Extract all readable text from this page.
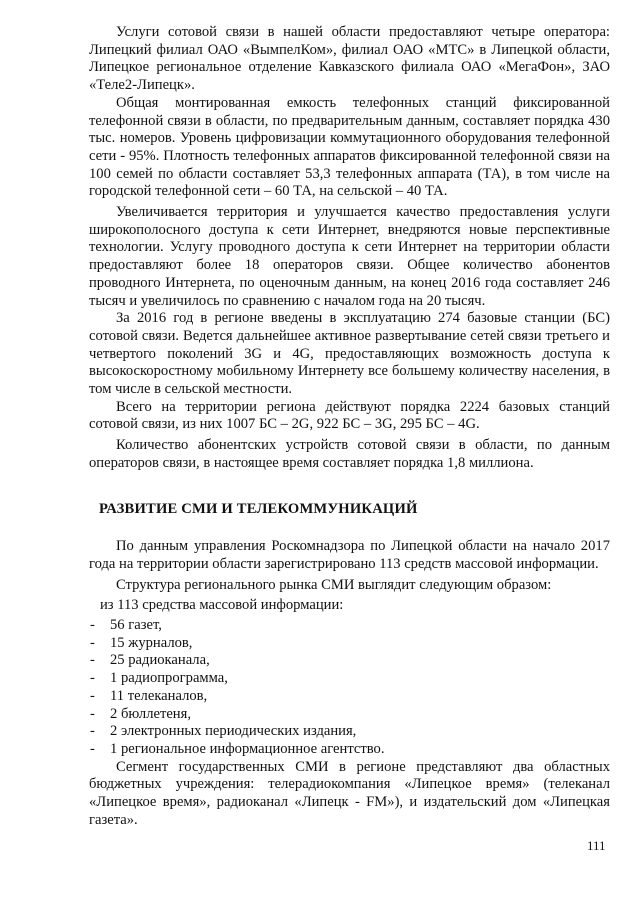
Услуги сотовой связи в нашей области предоставляют четыре оператора: Липецкий филиал ОАО «ВымпелКом», филиал ОАО «МТС» в Липецкой области, Липецкое региональное отделение Кавказского филиала ОАО «МегаФон», ЗАО «Теле2-Липецк».

Общая монтированная емкость телефонных станций фиксированной телефонной связи в области, по предварительным данным, составляет порядка 430 тыс. номеров. Уровень цифровизации коммутационного оборудования телефонной сети - 95%. Плотность телефонных аппаратов фиксированной телефонной связи на 100 семей по области составляет 53,3 телефонных аппарата (ТА), в том числе на городской телефонной сети – 60 ТА, на сельской – 40 ТА.

Увеличивается территория и улучшается качество предоставления услуги широкополосного доступа к сети Интернет, внедряются новые перспективные технологии. Услугу проводного доступа к сети Интернет на территории области предоставляют более 18 операторов связи. Общее количество абонентов проводного Интернета, по оценочным данным, на конец 2016 года составляет 246 тысяч и увеличилось по сравнению с началом года на 20 тысяч.

За 2016 год в регионе введены в эксплуатацию 274 базовые станции (БС) сотовой связи. Ведется дальнейшее активное развертывание сетей связи третьего и четвертого поколений 3G и 4G, предоставляющих возможность доступа к высокоскоростному мобильному Интернету все большему количеству населения, в том числе в сельской местности.

Всего на территории региона действуют порядка 2224 базовых станций сотовой связи, из них 1007 БС – 2G, 922 БС – 3G, 295 БС – 4G.

Количество абонентских устройств сотовой связи в области, по данным операторов связи, в настоящее время составляет порядка 1,8 миллиона.

РАЗВИТИЕ СМИ И ТЕЛЕКОММУНИКАЦИЙ

По данным управления Роскомнадзора по Липецкой области на начало 2017 года на территории области зарегистрировано 113 средств массовой информации.

Структура регионального рынка СМИ выглядит следующим образом:

из 113 средства массовой информации:

- 56 газет,
- 15 журналов,
- 25 радиоканала,
- 1 радиопрограмма,
- 11 телеканалов,
- 2 бюллетеня,
- 2 электронных периодических издания,
- 1 региональное информационное агентство.

Сегмент государственных СМИ в регионе представляют два областных бюджетных учреждения: телерадиокомпания «Липецкое время» (телеканал «Липецкое время», радиоканал «Липецк - FM»), и издательский дом «Липецкая газета».

111
